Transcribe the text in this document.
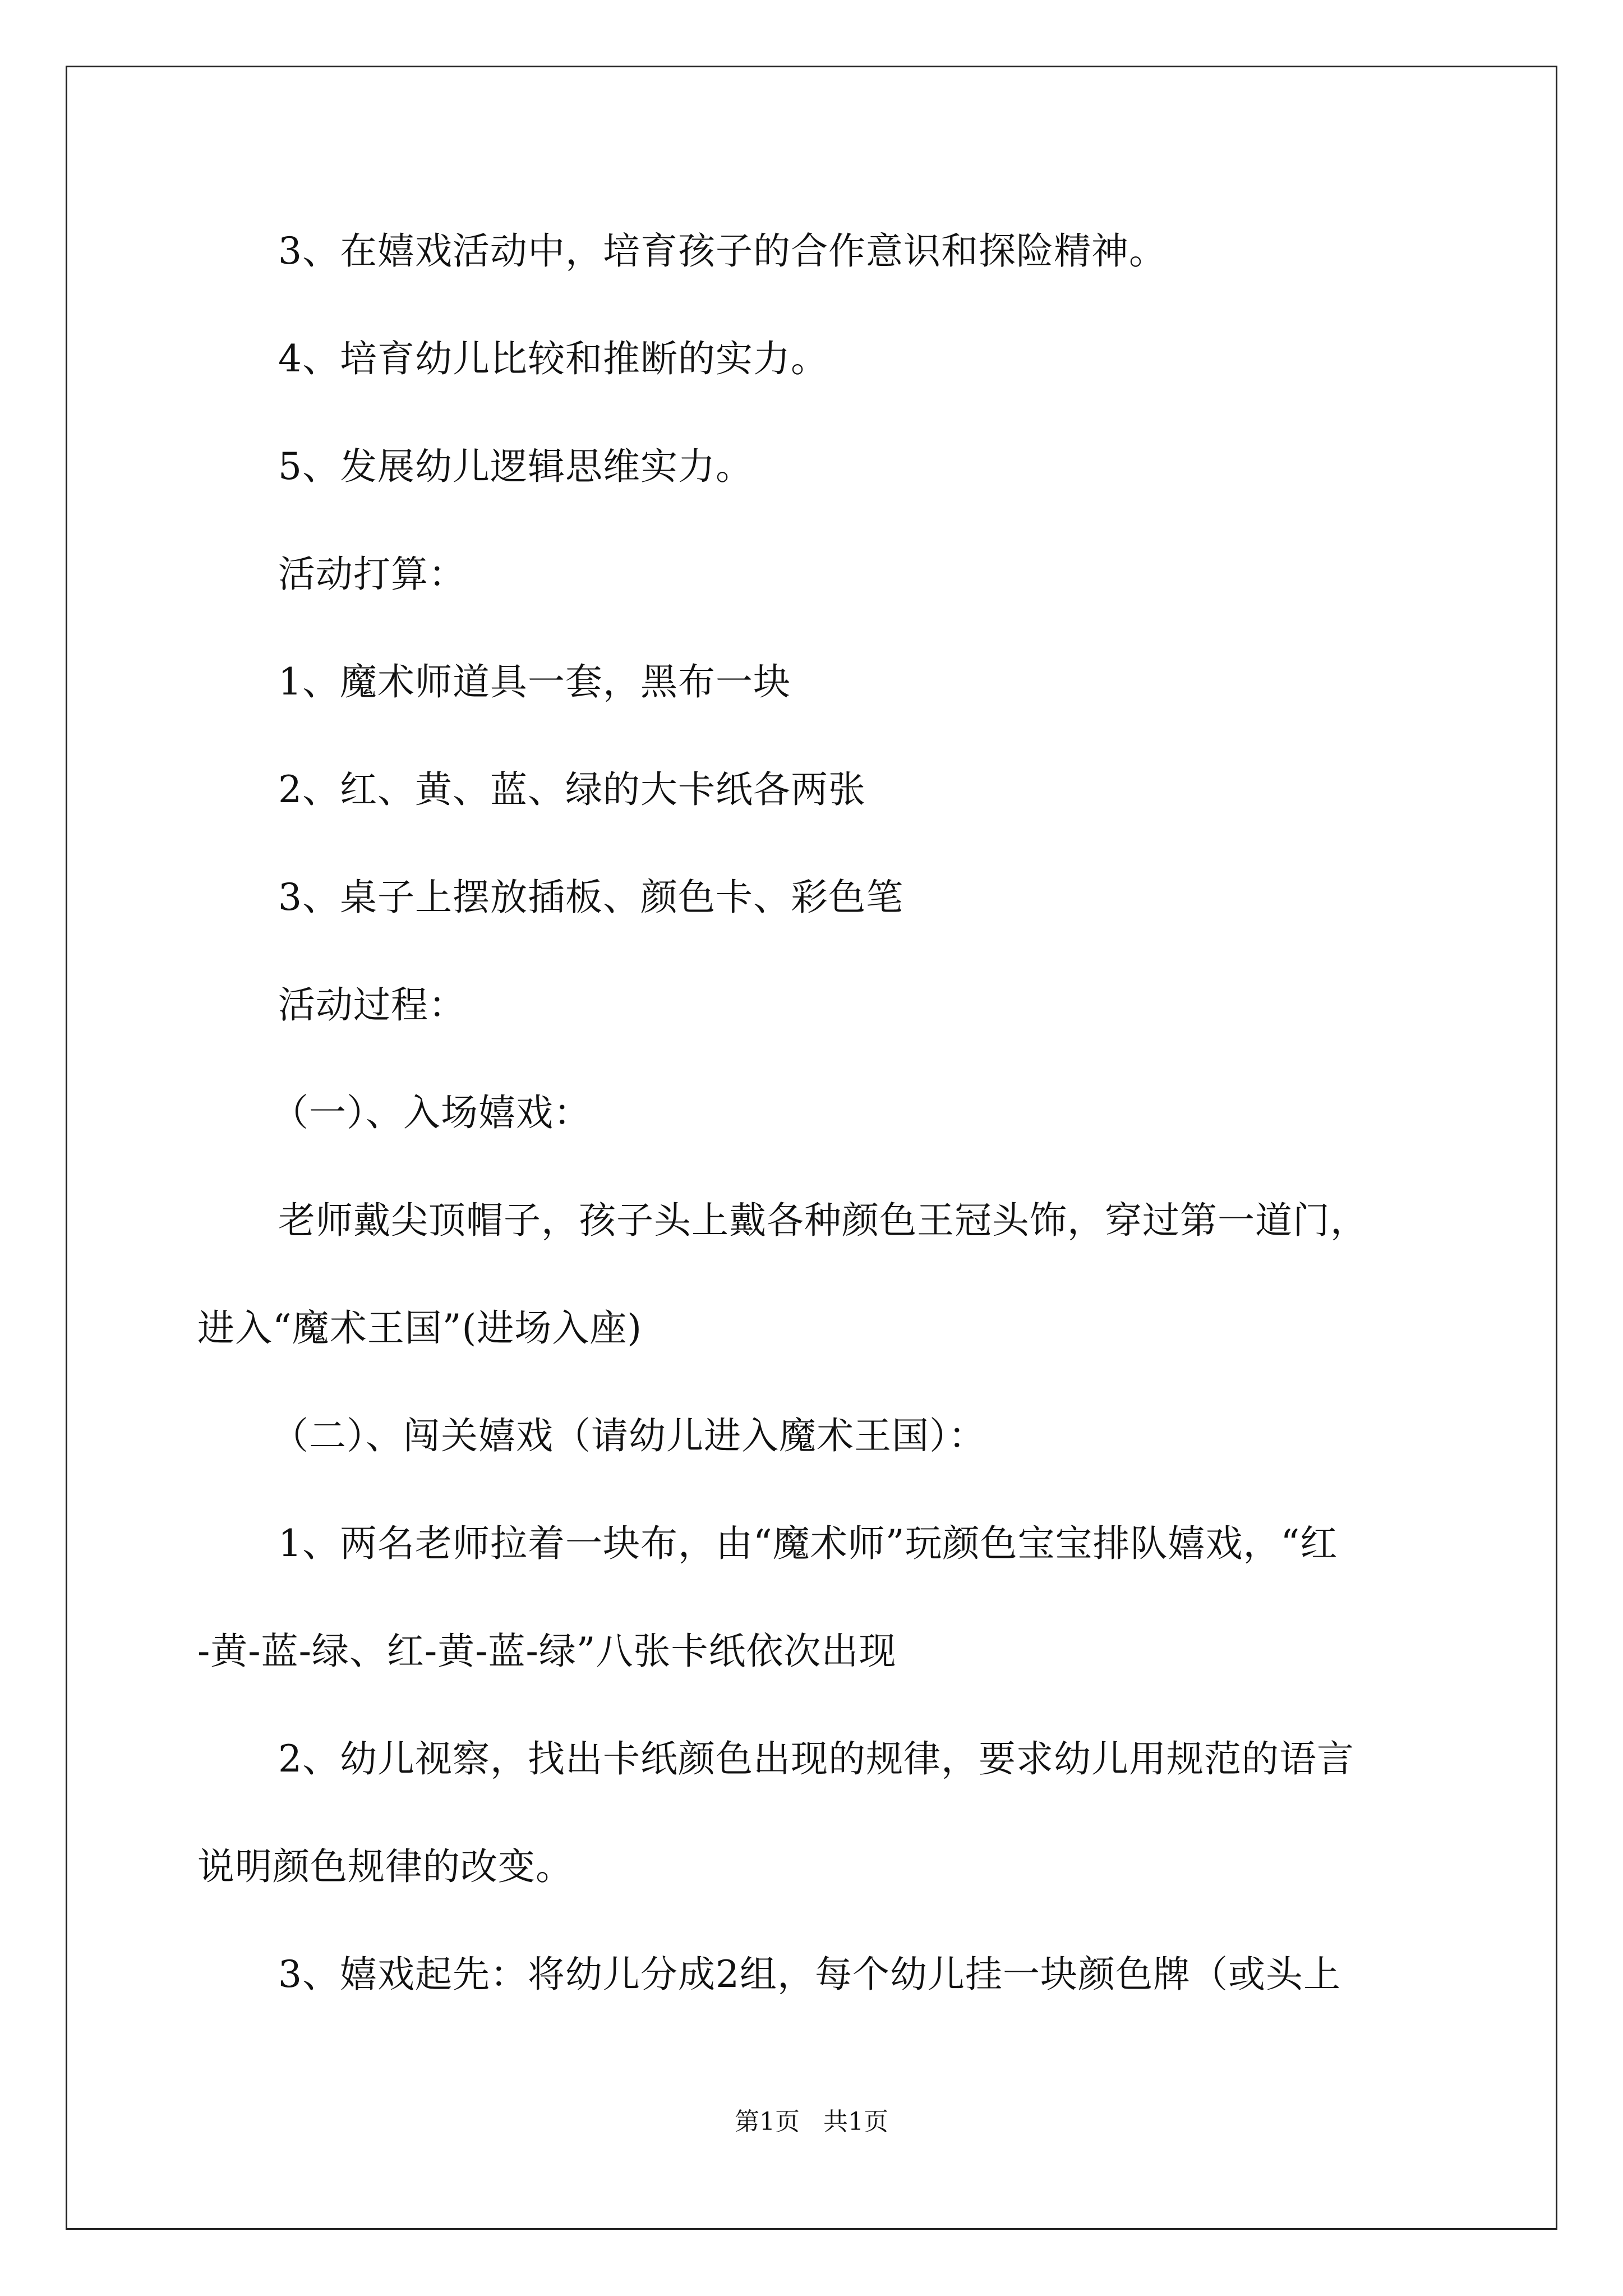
3、在嬉戏活动中，培育孩子的合作意识和探险精神。
4、培育幼儿比较和推断的实力。
5、发展幼儿逻辑思维实力。
活动打算：
1、魔术师道具一套，黑布一块
2、红、黄、蓝、绿的大卡纸各两张
3、桌子上摆放插板、颜色卡、彩色笔
活动过程：
（一）、入场嬉戏：
老师戴尖顶帽子，孩子头上戴各种颜色王冠头饰，穿过第一道门，
进入“魔术王国”(进场入座)
（二）、闯关嬉戏（请幼儿进入魔术王国）：
1、两名老师拉着一块布，由“魔术师”玩颜色宝宝排队嬉戏，“红
-黄-蓝-绿、红-黄-蓝-绿”八张卡纸依次出现
2、幼儿视察，找出卡纸颜色出现的规律，要求幼儿用规范的语言
说明颜色规律的改变。
3、嬉戏起先：将幼儿分成2组，每个幼儿挂一块颜色牌（或头上
第1页   共1页
